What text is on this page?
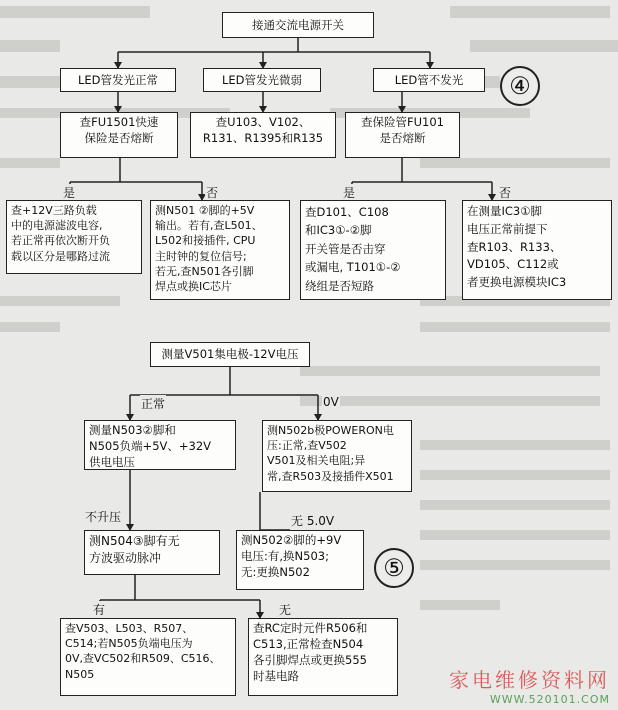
接通交流电源开关
LED管发光正常	LED管发光微弱	LED管不发光
查FU1501快速
保险是否熔断
查U103、V102、
R131、R1395和R135
查保险管FU101
是否熔断
④
是	否	是	否
查+12V三路负载
中的电源滤波电容,
若正常再依次断开负
载以区分是哪路过流
测N501 ②脚的+5V
输出。若有,查L501、
L502和接插件, CPU
主时钟的复位信号;
若无,查N501各引脚
焊点或换IC芯片
查D101、C108
和IC3①-②脚
开关管是否击穿
或漏电, T101①-②
绕组是否短路
在测量IC3①脚
电压正常前提下
查R103、R133、
VD105、C112或
者更换电源模块IC3
测量V501集电极-12V电压
正常	0V
测量N503②脚和
N505负端+5V、+32V
供电电压
测N502b极POWERON电
压:正常,查V502
V501及相关电阻;异
常,查R503及接插件X501
不升压	无 5.0V
测N504③脚有无
方波驱动脉冲
测N502②脚的+9V
电压:有,换N503;
无:更换N502	⑤
有	无
查V503、L503、R507、
C514;若N505负端电压为
0V,查VC502和R509、C516、
N505
查RC定时元件R506和
C513,正常检查N504
各引脚焊点或更换555
时基电路	家电维修资料网
WWW.520101.COM
